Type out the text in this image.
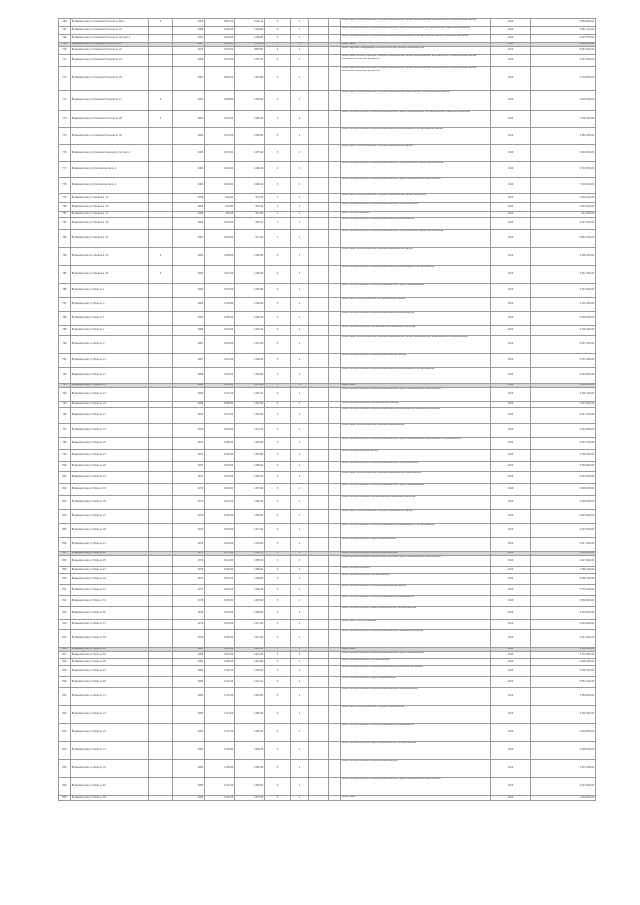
766	Владимирская ул. Коммунистическая д. 8/10	II	1969	1821,70	1502,10	5	4			Ремонт крыш, системы отопления, холодного водоснабжения, горячего водоснабжения, водоотведения, электроснабжения, фасада	2019	5 868 800,00
767	Владимирская ул. Коммунистическая д. 16		1966	1402,30	1194,80	4	3			Ремонт системы отопления, холодного водоснабжения, горячего водоснабжения, электроснабжения, подвальных помещений	2019	3 987 120,00
768	Владимирская ул. Коммунистическая д. 18 корп.1		1967	1514,60	1284,80	5	4			Ремонт системы отопления, холодного водоснабжения, водоотведения, электроснабжения, фасада, подвальных помещений	2019	4 487 530,00
769	Владимирская ул. Коммунистическая д. 20		1967	1583,40	1339,50	5	4			Ремонт крыш	2019	1 262 400,00
770	Владимирская ул. Коммунистическая д. 22		1970	4478,90	3893,80	9	4			Ремонт лифтового оборудования, системы отопления, холодного водоснабжения	2019	8 254 200,00
771	Владимирская ул. Коммунистическая д. 24		1968	1511,50	1267,30	5	4			Ремонт крыш, системы отопления, холодного водоснабжения, горячего водоснабжения, водоотведения, электроснабжения, фасада, подвальных помещений, фундамента	2019	5 514 200,00
772	Владимирская ул. Коммунистическая д. 26		1967	1618,70	1391,80	5	4			Ремонт крыш, системы отопления, холодного водоснабжения, горячего водоснабжения, водоотведения, электроснабжения, фасада, подвальных помещений, фундамента	2019	6 709 800,00
773	Владимирская ул. Коммунистическая д. 27	II	1962	1498,80	1262,00	4	3			Ремонт крыш, системы отопления, холодного водоснабжения, водоотведения, электроснабжения, фасада	2019	4 876 500,00
774	Владимирская ул. Коммунистическая д. 28	II	1963	2563,00	2180,30	5	6			Ремонт системы отопления, холодного водоснабжения, горячего водоснабжения, электроснабжения, подвальных помещений	2019	7 138 700,00
775	Владимирская ул. Коммунистическая д. 30		1964	1511,00	1269,40	5	4			Ремонт системы отопления, холодного водоснабжения, водоотведения, электроснабжения, фасада	2019	3 981 200,00
776	Владимирская ул. Коммунистическая д. 32 корп.1		1965	1574,40	1325,40	5	4			Ремонт крыш, системы отопления, холодного водоснабжения, фасада	2019	5 224 000,00
777	Владимирская ул. Комсомольская д. 2		1966	1402,20	1180,10	4	3			Ремонт системы отопления, холодного водоснабжения, электроснабжения, подвальных помещений	2019	3 712 000,00
778	Владимирская ул. Комсомольская д. 4		1966	2563,60	2148,10	5	6			Ремонт системы отопления, холодного водоснабжения, горячего водоснабжения, водоотведения	2019	7 520 000,00
779	Владимирская ул. Ленина д. 13		1958	936,40	823,70	3	2			Ремонт крыш, системы отопления, холодного водоснабжения, фасада, фундамента	2019	2 976 200,00
780	Владимирская ул. Ленина д. 15		1959	972,80	822,70	3	2			Ремонт системы отопления, холодного водоснабжения, электроснабжения	2019	2 615 000,00
781	Владимирская ул. Ленина д. 17		1960	938,20	813,30	3	2			Ремонт системы отопления	2019	912 000,00
782	Владимирская ул. Ленина д. 19		1960	1012,00	865,10	3	2			Ремонт системы отопления, холодного водоснабжения, водоотведения	2019	2 147 400,00
783	Владимирская ул. Ленина д. 21		1961	1025,50	871,20	3	2			Ремонт системы отопления, холодного водоснабжения, электроснабжения, подвальных помещений	2019	2 863 100,00
784	Владимирская ул. Ленина д. 23	II	1962	1408,60	1190,40	4	3			Ремонт крыш, системы отопления, холодного водоснабжения, фасада	2019	4 185 500,00
785	Владимирская ул. Ленина д. 25	II	1963	1417,20	1196,20	4	3			Ремонт системы отопления, холодного водоснабжения, водоотведения, электроснабжения	2019	3 952 700,00
786	Владимирская ул. Мира д. 1		1964	1524,30	1287,80	5	4			Ремонт системы отопления, холодного водоснабжения, горячего водоснабжения	2019	3 514 600,00
787	Владимирская ул. Мира д. 3		1965	1536,80	1296,40	5	4			Ремонт крыш, системы отопления, электроснабжения, фасада	2019	4 210 300,00
788	Владимирская ул. Мира д. 5		1965	1498,40	1265,10	5	4			Ремонт системы отопления, холодного водоснабжения, водоотведения	2019	3 348 900,00
789	Владимирская ул. Мира д. 7		1966	1541,60	1301,70	5	4			Ремонт системы отопления, электроснабжения, подвальных помещений	2019	3 126 400,00
790	Владимирская ул. Мира д. 9		1967	1553,90	1310,20	5	4			Ремонт крыш, системы отопления, холодного водоснабжения, горячего водоснабжения, водоотведения, электроснабжения	2019	5 967 300,00
791	Владимирская ул. Мира д. 11		1967	1547,20	1306,40	5	4			Ремонт системы отопления, холодного водоснабжения, фасада	2019	3 587 200,00
792	Владимирская ул. Мира д. 13		1968	1562,50	1318,60	5	4			Ремонт системы отопления, холодного водоснабжения, водоотведения, электроснабжения	2019	4 054 800,00
793	Владимирская ул. Мира д. 15		1968	1558,30	1314,90	5	4			Ремонт крыш	2019	1 314 600,00
794	Владимирская ул. Мира д. 17		1969	1570,10	1325,70	5	4			Ремонт системы отопления, холодного водоснабжения, горячего водоснабжения, водоотведения	2019	4 302 100,00
795	Владимирская ул. Мира д. 19		1969	1566,80	1322,30	5	4			Ремонт системы отопления, электроснабжения, фасада	2019	3 621 500,00
796	Владимирская ул. Мира д. 21		1970	1574,40	1329,50	5	4			Ремонт системы отопления, холодного водоснабжения, водоотведения, подвальных помещений	2019	4 011 200,00
797	Владимирская ул. Мира д. 23		1970	1581,20	1334,10	5	4			Ремонт крыш, системы отопления, холодного водоснабжения	2019	4 187 600,00
798	Владимирская ул. Мира д. 25		1971	1588,90	1340,60	5	4			Ремонт системы отопления, холодного водоснабжения, горячего водоснабжения, водоотведения, электроснабжения	2019	4 923 700,00
799	Владимирская ул. Мира д. 27		1971	1592,40	1343,80	5	4			Ремонт системы отопления, фасада	2019	2 784 300,00
800	Владимирская ул. Мира д. 29		1972	1597,80	1348,20	5	4			Ремонт системы отопления, холодного водоснабжения, электроснабжения	2019	3 456 800,00
801	Владимирская ул. Мира д. 31		1972	1603,50	1352,70	5	4			Ремонт крыш, системы отопления, холодного водоснабжения, водоотведения	2019	4 512 900,00
802	Владимирская ул. Мира д. 33		1973	1609,20	1357,40	5	4			Ремонт системы отопления, холодного водоснабжения, горячего водоснабжения	2019	3 698 400,00
803	Владимирская ул. Мира д. 35		1973	1614,70	1362,10	5	4			Ремонт системы отопления, электроснабжения, подвальных помещений	2019	3 205 600,00
804	Владимирская ул. Мира д. 37		1974	1620,30	1366,80	5	4			Ремонт крыш, системы отопления, холодного водоснабжения, фасада	2019	4 843 200,00
805	Владимирская ул. Мира д. 39		1974	1625,90	1371,40	5	4			Ремонт системы отопления, холодного водоснабжения, водоотведения, электроснабжения	2019	4 097 500,00
806	Владимирская ул. Мира д. 41		1975	1631,60	1376,00	5	4			Ремонт системы отопления, горячего водоснабжения	2019	2 917 300,00
807	Владимирская ул. Мира д. 43		1975	1637,20	1380,70	5	4			Ремонт системы отопления, холодного водоснабжения	2019	3 018 600,00
808	Владимирская ул. Мира д. 45		1976	1642,80	1385,30	5	4			Ремонт системы отопления, холодного водоснабжения, горячего водоснабжения, водоотведения	2019	4 417 800,00
809	Владимирская ул. Мира д. 47		1976	1648,40	1390,00	5	4			Ремонт системы отопления	2019	1 284 100,00
810	Владимирская ул. Мира д. 49		1977	1654,10	1394,60	5	4			Ремонт системы отопления, электроснабжения	2019	2 458 700,00
811	Владимирская ул. Мира д. 51		1977	1659,70	1399,30	5	4			Ремонт системы отопления, холодного водоснабжения, фасада	2019	3 775 200,00
812	Владимирская ул. Мира д. 53		1978	1665,30	1403,90	5	4			Ремонт системы отопления, холодного водоснабжения, водоотведения	2019	3 562 400,00
813	Владимирская ул. Мира д. 55		1978	1670,90	1408,60	5	4			Ремонт системы отопления, горячего водоснабжения, электроснабжения	2019	3 301 800,00
814	Владимирская ул. Мира д. 57		1979	1676,60	1413,20	5	4			Ремонт крыш, системы отопления	2019	2 914 600,00
815	Владимирская ул. Мира д. 59		1979	1682,20	1417,90	5	4			Ремонт системы отопления, холодного водоснабжения, подвальных помещений	2019	3 417 500,00
816	Владимирская ул. Мира д. 61		1980	1687,80	1422,50	5	4			Ремонт крыш	2019	1 389 200,00
817	Владимирская ул. Мира д. 63		1980	1693,40	1427,20	5	4			Ремонт системы отопления, холодного водоснабжения, горячего водоснабжения	2019	3 716 900,00
818	Владимирская ул. Мира д. 65		1981	1699,10	1431,80	5	4			Ремонт системы отопления, электроснабжения	2019	2 605 400,00
819	Владимирская ул. Мира д. 67		1981	1704,70	1436,50	5	4			Ремонт системы отопления, холодного водоснабжения, водоотведения, фасада	2019	4 238 700,00
820	Владимирская ул. Мира д. 69		1982	1710,30	1441,10	5	4			Ремонт системы отопления, горячего водоснабжения	2019	2 867 100,00
821	Владимирская ул. Мира д. 71		1982	1715,90	1445,80	5	4			Ремонт системы отопления, холодного водоснабжения, электроснабжения	2019	3 389 600,00
822	Владимирская ул. Мира д. 73		1983	1721,60	1450,40	5	4			Ремонт крыш, системы отопления, холодного водоснабжения	2019	4 156 300,00
823	Владимирская ул. Мира д. 75		1983	1727,20	1455,10	5	4			Ремонт системы отопления, холодного водоснабжения, водоотведения	2019	3 604 800,00
824	Владимирская ул. Мира д. 77		1984	1732,80	1459,70	5	4			Ремонт системы отопления, горячего водоснабжения, электроснабжения	2019	3 298 500,00
825	Владимирская ул. Мира д. 79		1984	1738,40	1464,40	5	4			Ремонт системы отопления, холодного водоснабжения	2019	2 975 200,00
826	Владимирская ул. Мира д. 81		1985	1744,10	1469,00	5	4			Ремонт системы отопления, холодного водоснабжения, горячего водоснабжения, водоотведения	2019	4 521 600,00
827	Владимирская ул. Мира д. 83		1985	1749,70	1473,70	5	4			Ремонт крыш	2019	1 402 800,00
